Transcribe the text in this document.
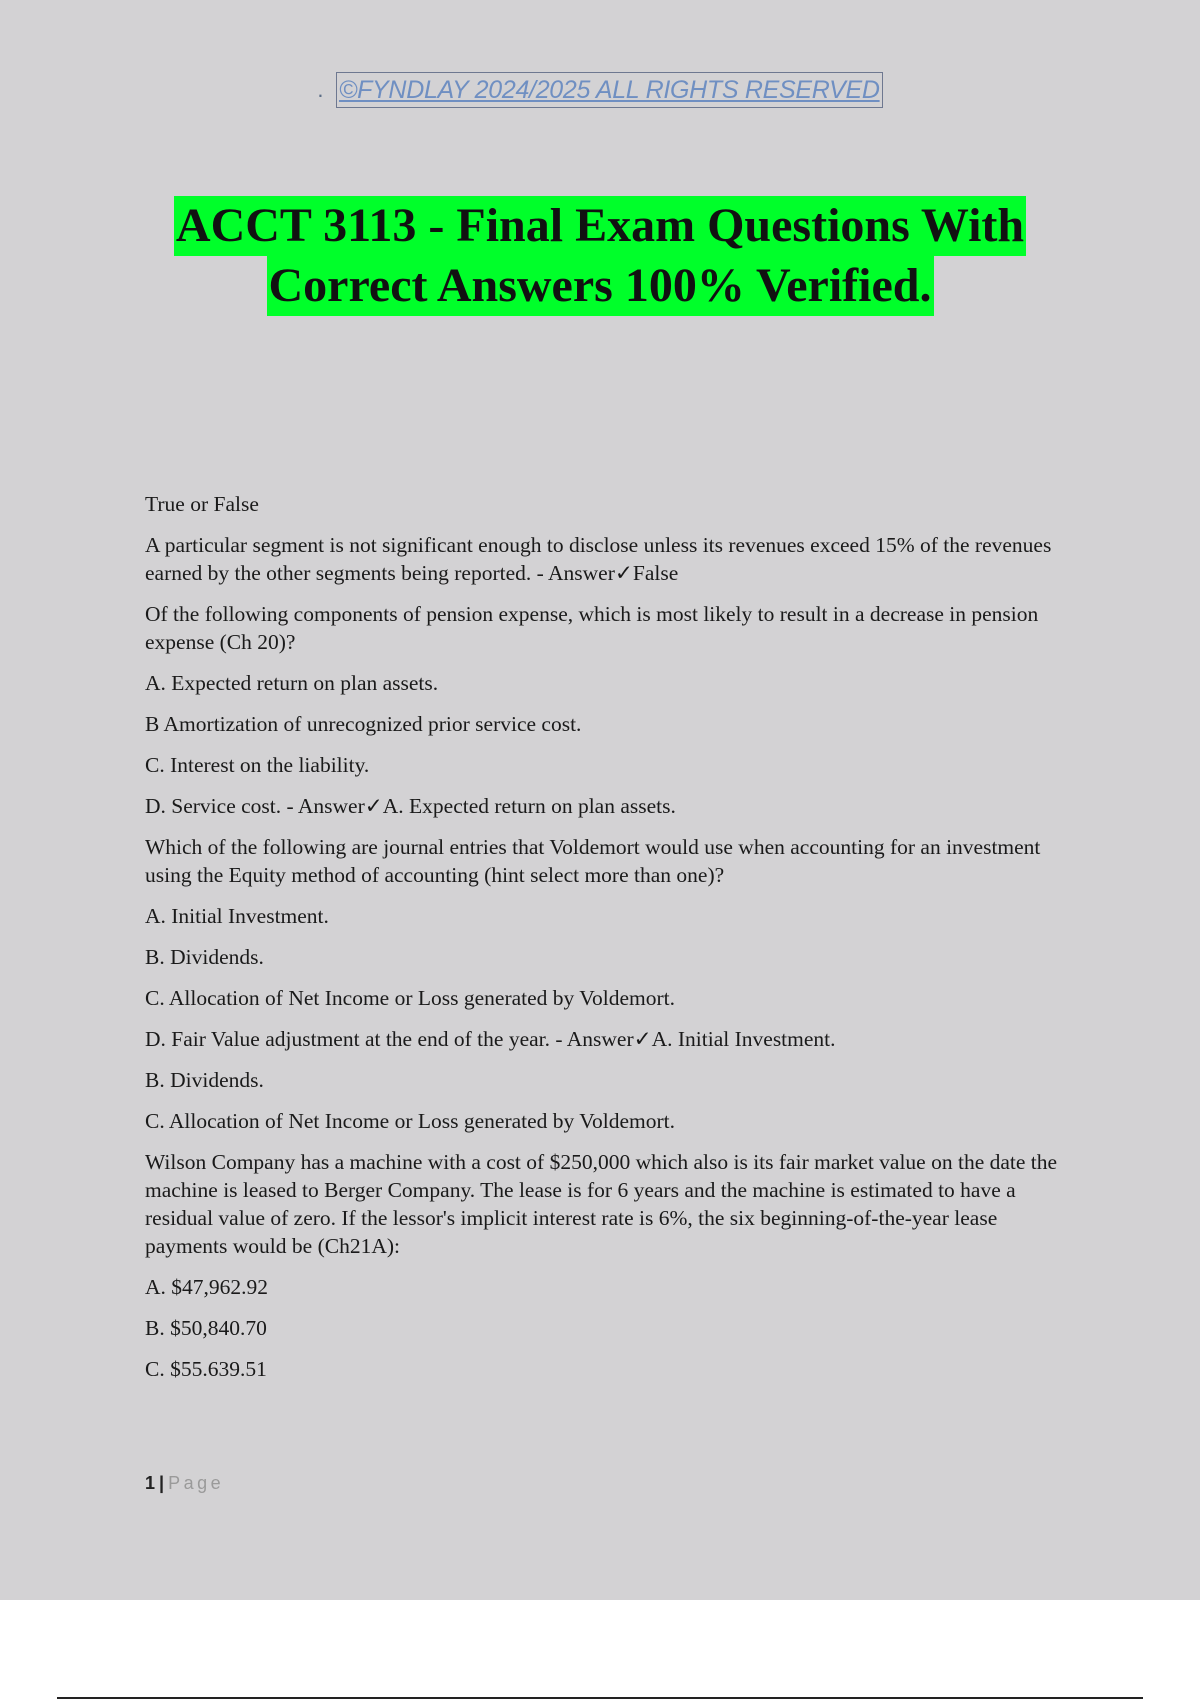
. ©FYNDLAY 2024/2025 ALL RIGHTS RESERVED
ACCT 3113 - Final Exam Questions With
Correct Answers 100% Verified.

True or False

A particular segment is not significant enough to disclose unless its revenues exceed 15% of the revenues earned by the other segments being reported. - Answer✓False

Of the following components of pension expense, which is most likely to result in a decrease in pension expense (Ch 20)?

A. Expected return on plan assets.

B Amortization of unrecognized prior service cost.

C. Interest on the liability.

D. Service cost. - Answer✓A. Expected return on plan assets.

Which of the following are journal entries that Voldemort would use when accounting for an investment using the Equity method of accounting (hint select more than one)?

A. Initial Investment.

B. Dividends.

C. Allocation of Net Income or Loss generated by Voldemort.

D. Fair Value adjustment at the end of the year. - Answer✓A. Initial Investment.

B. Dividends.

C. Allocation of Net Income or Loss generated by Voldemort.

Wilson Company has a machine with a cost of $250,000 which also is its fair market value on the date the machine is leased to Berger Company. The lease is for 6 years and the machine is estimated to have a residual value of zero. If the lessor's implicit interest rate is 6%, the six beginning-of-the-year lease payments would be (Ch21A):

A. $47,962.92

B. $50,840.70

C. $55.639.51

1 | Page
